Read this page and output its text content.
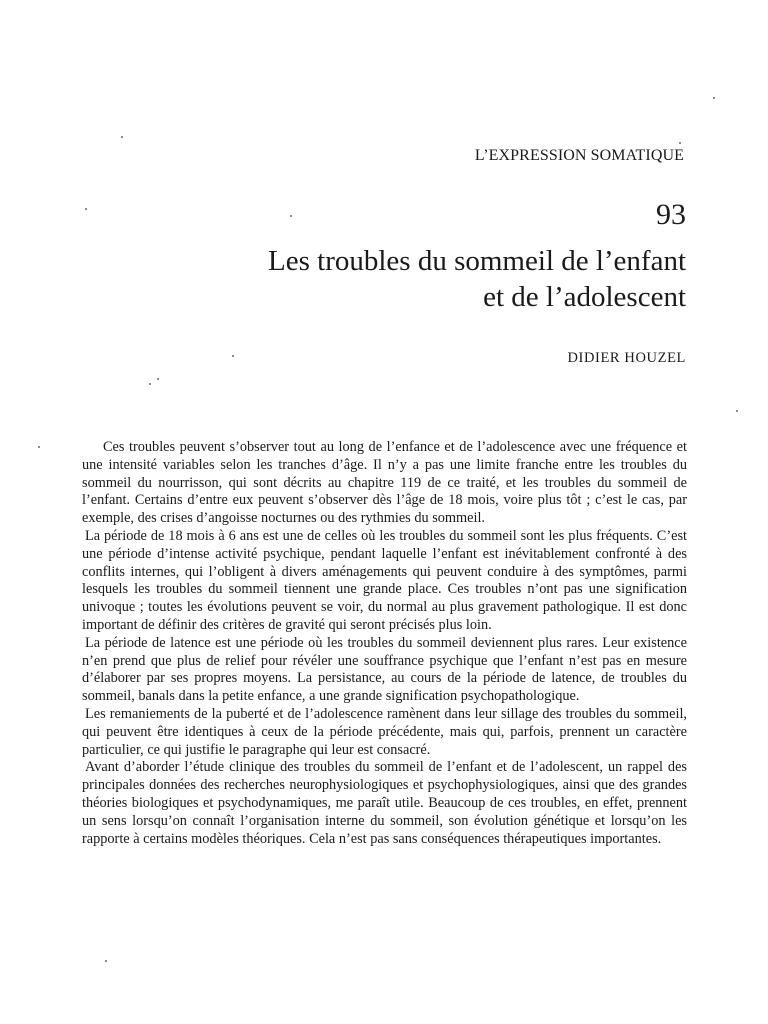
L’EXPRESSION SOMATIQUE
93
Les troubles du sommeil de l’enfant
et de l’adolescent
DIDIER HOUZEL

Ces troubles peuvent s’observer tout au long de l’enfance et de l’adolescence avec une fréquence et une intensité variables selon les tranches d’âge. Il n’y a pas une limite franche entre les troubles du sommeil du nourrisson, qui sont décrits au chapitre 119 de ce traité, et les troubles du sommeil de l’enfant. Certains d’entre eux peuvent s’observer dès l’âge de 18 mois, voire plus tôt ; c’est le cas, par exemple, des crises d’angoisse nocturnes ou des rythmies du sommeil.

La période de 18 mois à 6 ans est une de celles où les troubles du sommeil sont les plus fréquents. C’est une période d’intense activité psychique, pendant laquelle l’enfant est inévitablement confronté à des conflits internes, qui l’obligent à divers aménagements qui peuvent conduire à des symptômes, parmi lesquels les troubles du sommeil tiennent une grande place. Ces troubles n’ont pas une signification univoque ; toutes les évolutions peuvent se voir, du normal au plus gravement pathologique. Il est donc important de définir des critères de gravité qui seront précisés plus loin.

La période de latence est une période où les troubles du sommeil deviennent plus rares. Leur existence n’en prend que plus de relief pour révéler une souffrance psychique que l’enfant n’est pas en mesure d’élaborer par ses propres moyens. La persistance, au cours de la période de latence, de troubles du sommeil, banals dans la petite enfance, a une grande signification psychopathologique.

Les remaniements de la puberté et de l’adolescence ramènent dans leur sillage des troubles du sommeil, qui peuvent être identiques à ceux de la période précédente, mais qui, parfois, prennent un caractère particulier, ce qui justifie le paragraphe qui leur est consacré.

Avant d’aborder l’étude clinique des troubles du sommeil de l’enfant et de l’adolescent, un rappel des principales données des recherches neurophysiologiques et psychophysiologiques, ainsi que des grandes théories biologiques et psychodynamiques, me paraît utile. Beaucoup de ces troubles, en effet, prennent un sens lorsqu’on connaît l’organisation interne du sommeil, son évolution génétique et lorsqu’on les rapporte à certains modèles théoriques. Cela n’est pas sans conséquences thérapeutiques importantes.
